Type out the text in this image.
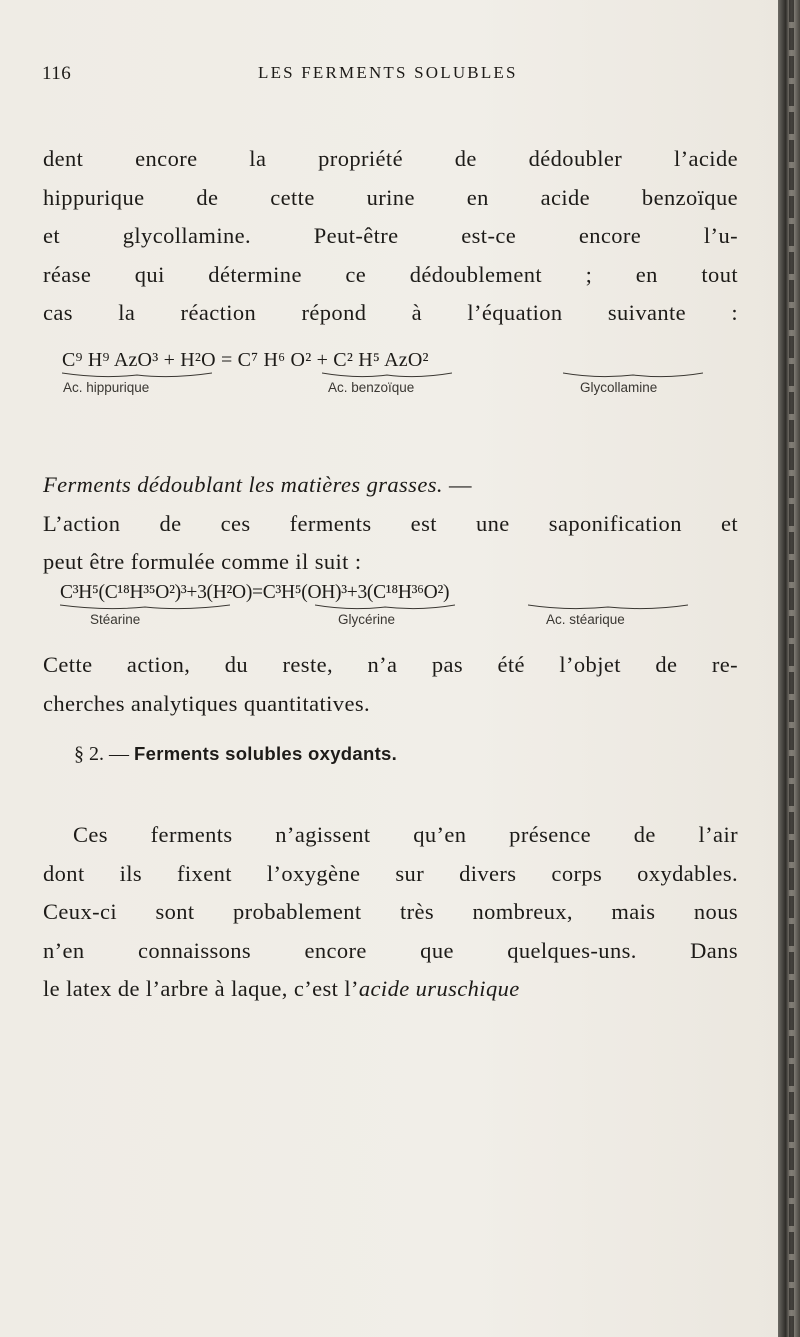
116	LES FERMENTS SOLUBLES

dent encore la propriété de dédoubler l’acide
hippurique de cette urine en acide benzoïque
et glycollamine. Peut-être est-ce encore l’u-
réase qui détermine ce dédoublement ; en tout
cas la réaction répond à l’équation suivante :

C⁹ H⁹ AzO³ + H²O = C⁷ H⁶ O² + C² H⁵ AzO²
Ac. hippurique	Ac. benzoïque	Glycollamine

Ferments dédoublant les matières grasses. —
L’action de ces ferments est une saponification et
peut être formulée comme il suit :

C³H⁵(C¹⁸H³⁵O²)³+3(H²O)=C³H⁵(OH)³+3(C¹⁸H³⁶O²)
Stéarine	Glycérine	Ac. stéarique

Cette action, du reste, n’a pas été l’objet de re-
cherches analytiques quantitatives.

§ 2. — Ferments solubles oxydants.

Ces ferments n’agissent qu’en présence de l’air
dont ils fixent l’oxygène sur divers corps oxydables.
Ceux-ci sont probablement très nombreux, mais nous
n’en connaissons encore que quelques-uns. Dans
le latex de l’arbre à laque, c’est l’acide uruschique
